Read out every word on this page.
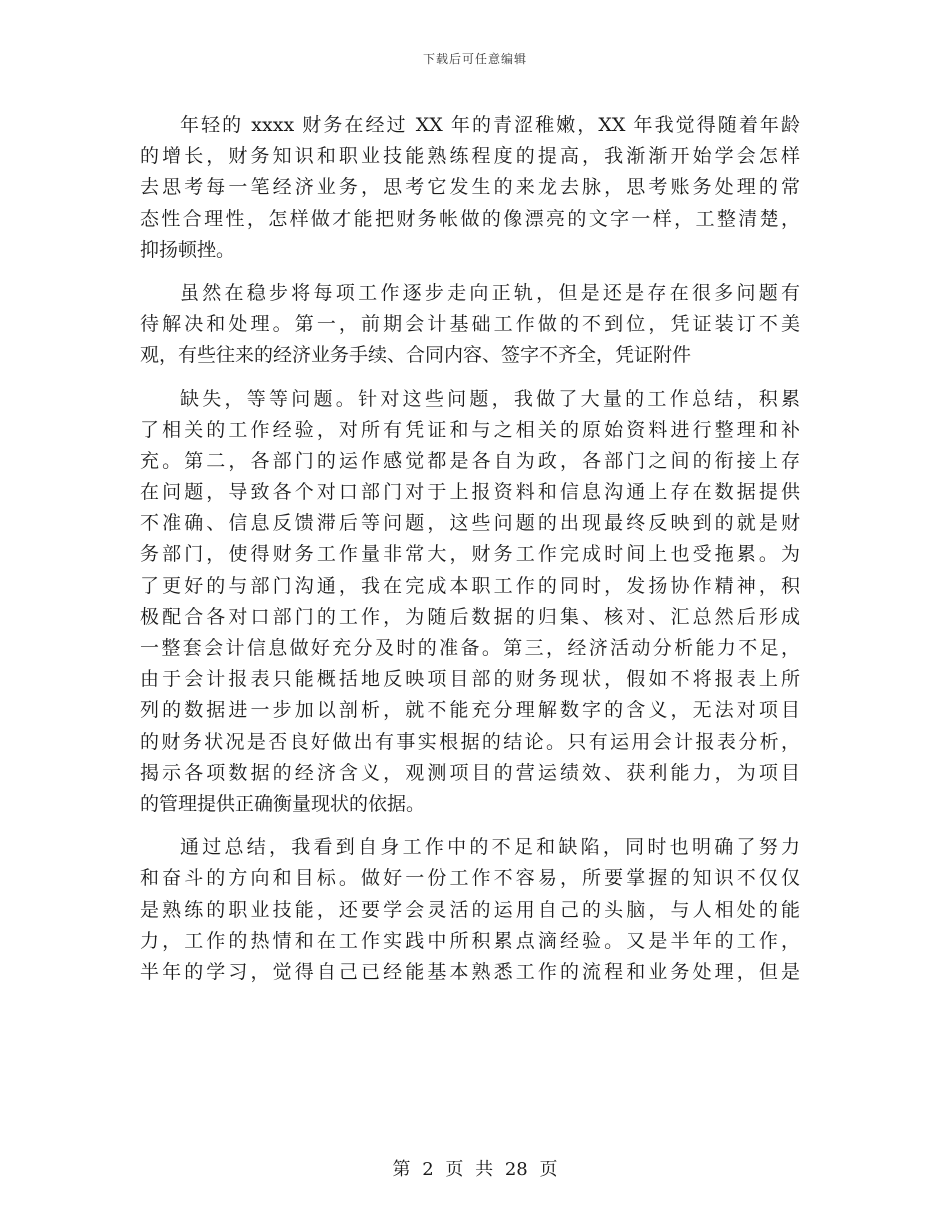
下载后可任意编辑
年轻的 xxxx 财务在经过 XX 年的青涩稚嫩，XX 年我觉得随着年龄
的增长，财务知识和职业技能熟练程度的提高，我渐渐开始学会怎样
去思考每一笔经济业务，思考它发生的来龙去脉，思考账务处理的常
态性合理性，怎样做才能把财务帐做的像漂亮的文字一样，工整清楚，
抑扬顿挫。
虽然在稳步将每项工作逐步走向正轨，但是还是存在很多问题有
待解决和处理。第一，前期会计基础工作做的不到位，凭证装订不美
观，有些往来的经济业务手续、合同内容、签字不齐全，凭证附件
缺失，等等问题。针对这些问题，我做了大量的工作总结，积累
了相关的工作经验，对所有凭证和与之相关的原始资料进行整理和补
充。第二，各部门的运作感觉都是各自为政，各部门之间的衔接上存
在问题，导致各个对口部门对于上报资料和信息沟通上存在数据提供
不准确、信息反馈滞后等问题，这些问题的出现最终反映到的就是财
务部门，使得财务工作量非常大，财务工作完成时间上也受拖累。为
了更好的与部门沟通，我在完成本职工作的同时，发扬协作精神，积
极配合各对口部门的工作，为随后数据的归集、核对、汇总然后形成
一整套会计信息做好充分及时的准备。第三，经济活动分析能力不足，
由于会计报表只能概括地反映项目部的财务现状，假如不将报表上所
列的数据进一步加以剖析，就不能充分理解数字的含义，无法对项目
的财务状况是否良好做出有事实根据的结论。只有运用会计报表分析，
揭示各项数据的经济含义，观测项目的营运绩效、获利能力，为项目
的管理提供正确衡量现状的依据。
通过总结，我看到自身工作中的不足和缺陷，同时也明确了努力
和奋斗的方向和目标。做好一份工作不容易，所要掌握的知识不仅仅
是熟练的职业技能，还要学会灵活的运用自己的头脑，与人相处的能
力，工作的热情和在工作实践中所积累点滴经验。又是半年的工作，
半年的学习，觉得自己已经能基本熟悉工作的流程和业务处理，但是
第 2 页 共 28 页
